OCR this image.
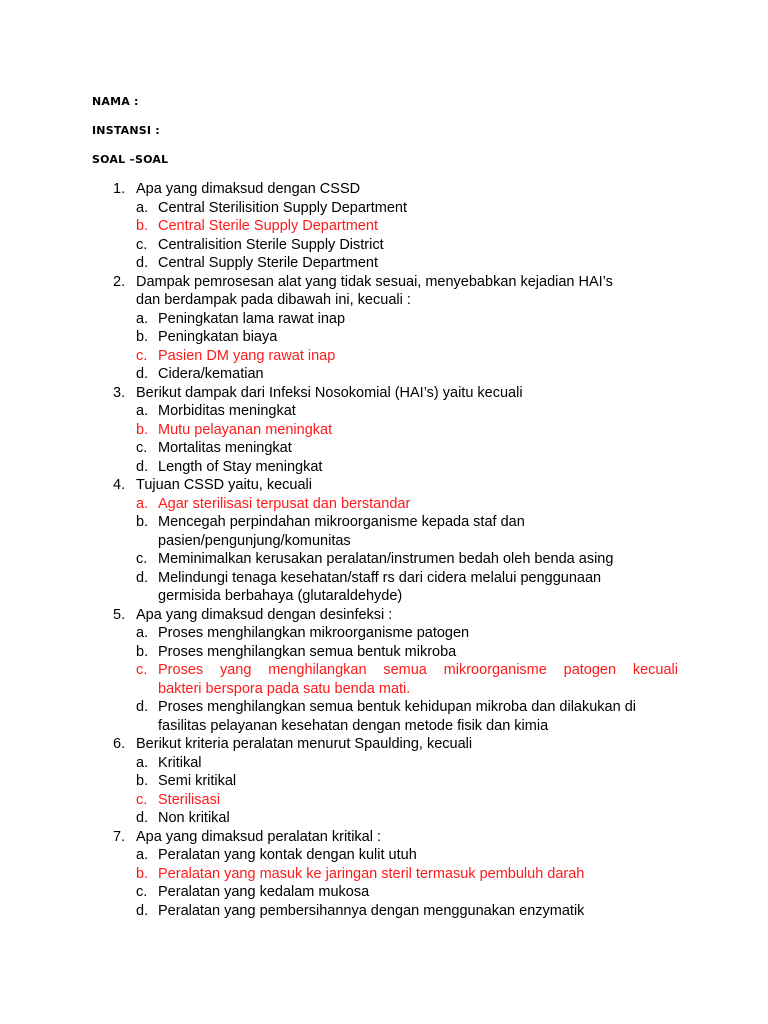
NAMA :
INSTANSI :
SOAL –SOAL
1. Apa yang dimaksud dengan CSSD
a. Central Sterilisition Supply Department
b. Central Sterile Supply Department
c. Centralisition Sterile Supply District
d. Central Supply Sterile Department
2. Dampak pemrosesan alat yang tidak sesuai, menyebabkan kejadian HAI’s
dan berdampak pada dibawah ini, kecuali :
a. Peningkatan lama rawat inap
b. Peningkatan biaya
c. Pasien DM yang rawat inap
d. Cidera/kematian
3. Berikut dampak dari Infeksi Nosokomial (HAI’s) yaitu kecuali
a. Morbiditas meningkat
b. Mutu pelayanan meningkat
c. Mortalitas meningkat
d. Length of Stay meningkat
4. Tujuan CSSD yaitu, kecuali
a. Agar sterilisasi terpusat dan berstandar
b. Mencegah perpindahan mikroorganisme kepada staf dan
pasien/pengunjung/komunitas
c. Meminimalkan kerusakan peralatan/instrumen bedah oleh benda asing
d. Melindungi tenaga kesehatan/staff rs dari cidera melalui penggunaan
germisida berbahaya (glutaraldehyde)
5. Apa yang dimaksud dengan desinfeksi :
a. Proses menghilangkan mikroorganisme patogen
b. Proses menghilangkan semua bentuk mikroba
c. Proses yang menghilangkan semua mikroorganisme patogen kecuali
bakteri berspora pada satu benda mati.
d. Proses menghilangkan semua bentuk kehidupan mikroba dan dilakukan di
fasilitas pelayanan kesehatan dengan metode fisik dan kimia
6. Berikut kriteria peralatan menurut Spaulding, kecuali
a. Kritikal
b. Semi kritikal
c. Sterilisasi
d. Non kritikal
7. Apa yang dimaksud peralatan kritikal :
a. Peralatan yang kontak dengan kulit utuh
b. Peralatan yang masuk ke jaringan steril termasuk pembuluh darah
c. Peralatan yang kedalam mukosa
d. Peralatan yang pembersihannya dengan menggunakan enzymatik
